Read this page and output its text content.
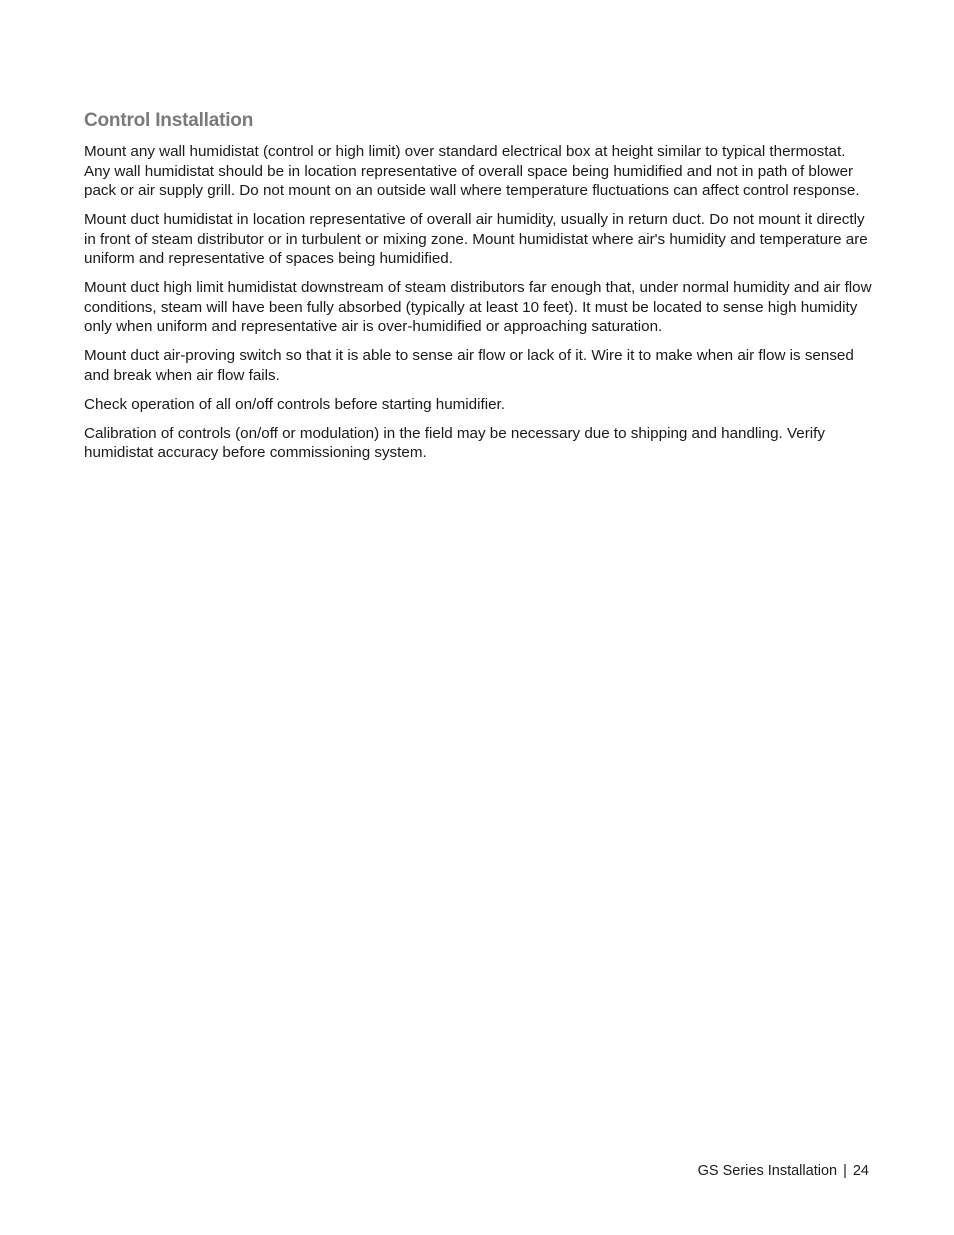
Control Installation

Mount any wall humidistat (control or high limit) over standard electrical box at height similar to typical thermostat. Any wall humidistat should be in location representative of overall space being humidified and not in path of blower pack or air supply grill. Do not mount on an outside wall where temperature fluctuations can affect control response.

Mount duct humidistat in location representative of overall air humidity, usually in return duct. Do not mount it directly in front of steam distributor or in turbulent or mixing zone. Mount humidistat where air's humidity and temperature are uniform and representative of spaces being humidified.

Mount duct high limit humidistat downstream of steam distributors far enough that, under normal humidity and air flow conditions, steam will have been fully absorbed (typically at least 10 feet). It must be located to sense high humidity only when uniform and representative air is over-humidified or approaching saturation.

Mount duct air-proving switch so that it is able to sense air flow or lack of it. Wire it to make when air flow is sensed and break when air flow fails.

Check operation of all on/off controls before starting humidifier.

Calibration of controls (on/off or modulation) in the field may be necessary due to shipping and handling. Verify humidistat accuracy before commissioning system.

GS Series Installation | 24
